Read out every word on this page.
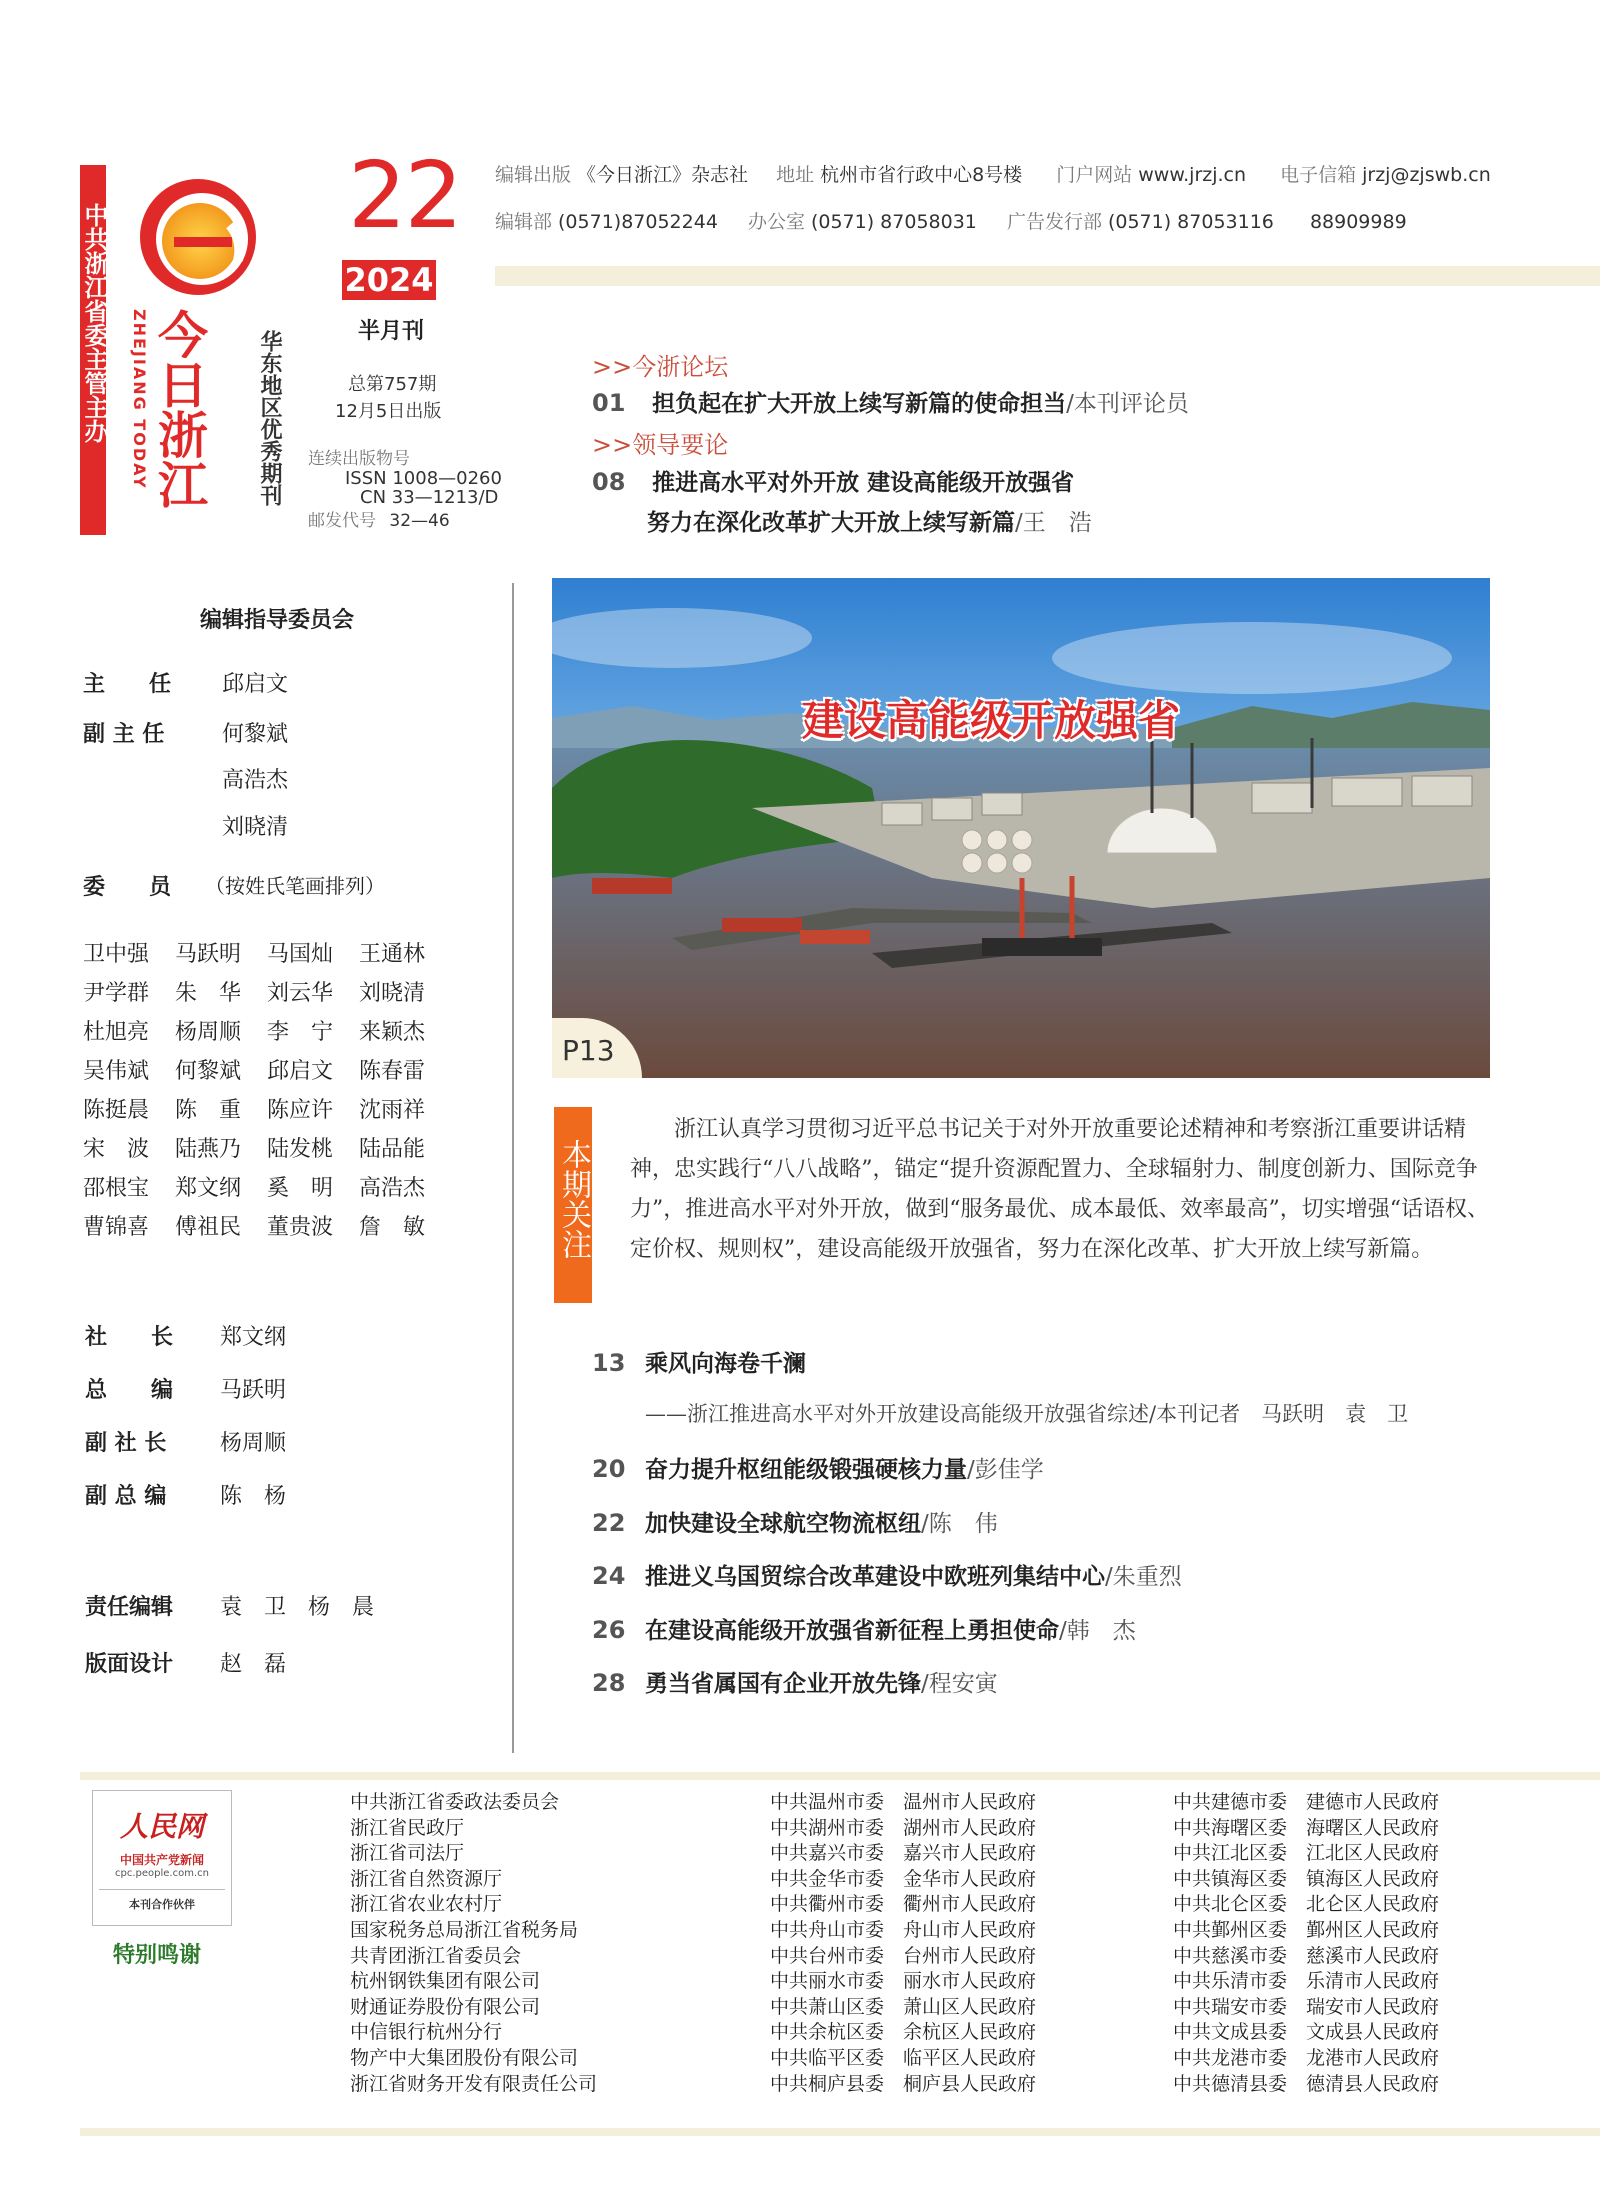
中共浙江省委主管主办 ZHEJIANG TODAY 今日浙江 华东地区优秀期刊
22
2024
半月刊
总第757期
12月5日出版
连续出版物号
ISSN 1008—0260
CN 33—1213/D
邮发代号 32—46
编辑出版 《今日浙江》杂志社 地址 杭州市省行政中心8号楼 门户网站 www.jrzj.cn 电子信箱 jrzj@zjswb.cn
编辑部 (0571)87052244 办公室 (0571) 87058031 广告发行部 (0571) 87053116 88909989
>>今浙论坛
01 担负起在扩大开放上续写新篇的使命担当/本刊评论员
>>领导要论
08 推进高水平对外开放 建设高能级开放强省
努力在深化改革扩大开放上续写新篇/王　浩
编辑指导委员会
主　　任 邱启文
副 主 任	何黎斌
高浩杰
刘晓清
委　　员 （按姓氏笔画排列）
卫中强	马跃明	马国灿	王通林
尹学群	朱　华	刘云华	刘晓清
杜旭亮	杨周顺	李　宁	来颖杰
吴伟斌	何黎斌	邱启文	陈春雷
陈挺晨	陈　重	陈应许	沈雨祥
宋　波	陆燕乃	陆发桃	陆品能
邵根宝	郑文纲	奚　明	高浩杰
曹锦喜	傅祖民	董贵波	詹　敏
社　　长	郑文纲
总　　编	马跃明
副 社 长	杨周顺
副 总 编	陈　杨
责任编辑	袁　卫　杨　晨
版面设计	赵　磊
建设高能级开放强省
P13
本期关注
浙江认真学习贯彻习近平总书记关于对外开放重要论述精神和考察浙江重要讲话精神，忠实践行“八八战略”，锚定“提升资源配置力、全球辐射力、制度创新力、国际竞争力”，推进高水平对外开放，做到“服务最优、成本最低、效率最高”，切实增强“话语权、定价权、规则权”，建设高能级开放强省，努力在深化改革、扩大开放上续写新篇。
13 乘风向海卷千澜
——浙江推进高水平对外开放建设高能级开放强省综述/本刊记者　马跃明　袁　卫
20 奋力提升枢纽能级锻强硬核力量/彭佳学
22 加快建设全球航空物流枢纽/陈　伟
24 推进义乌国贸综合改革建设中欧班列集结中心/朱重烈
26 在建设高能级开放强省新征程上勇担使命/韩　杰
28 勇当省属国有企业开放先锋/程安寅
人民网
中国共产党新闻
cpc.people.com.cn
本刊合作伙伴
特别鸣谢
中共浙江省委政法委员会
浙江省民政厅
浙江省司法厅
浙江省自然资源厅
浙江省农业农村厅
国家税务总局浙江省税务局
共青团浙江省委员会
杭州钢铁集团有限公司
财通证券股份有限公司
中信银行杭州分行
物产中大集团股份有限公司
浙江省财务开发有限责任公司
中共温州市委　温州市人民政府
中共湖州市委　湖州市人民政府
中共嘉兴市委　嘉兴市人民政府
中共金华市委　金华市人民政府
中共衢州市委　衢州市人民政府
中共舟山市委　舟山市人民政府
中共台州市委　台州市人民政府
中共丽水市委　丽水市人民政府
中共萧山区委　萧山区人民政府
中共余杭区委　余杭区人民政府
中共临平区委　临平区人民政府
中共桐庐县委　桐庐县人民政府
中共建德市委　建德市人民政府
中共海曙区委　海曙区人民政府
中共江北区委　江北区人民政府
中共镇海区委　镇海区人民政府
中共北仑区委　北仑区人民政府
中共鄞州区委　鄞州区人民政府
中共慈溪市委　慈溪市人民政府
中共乐清市委　乐清市人民政府
中共瑞安市委　瑞安市人民政府
中共文成县委　文成县人民政府
中共龙港市委　龙港市人民政府
中共德清县委　德清县人民政府
